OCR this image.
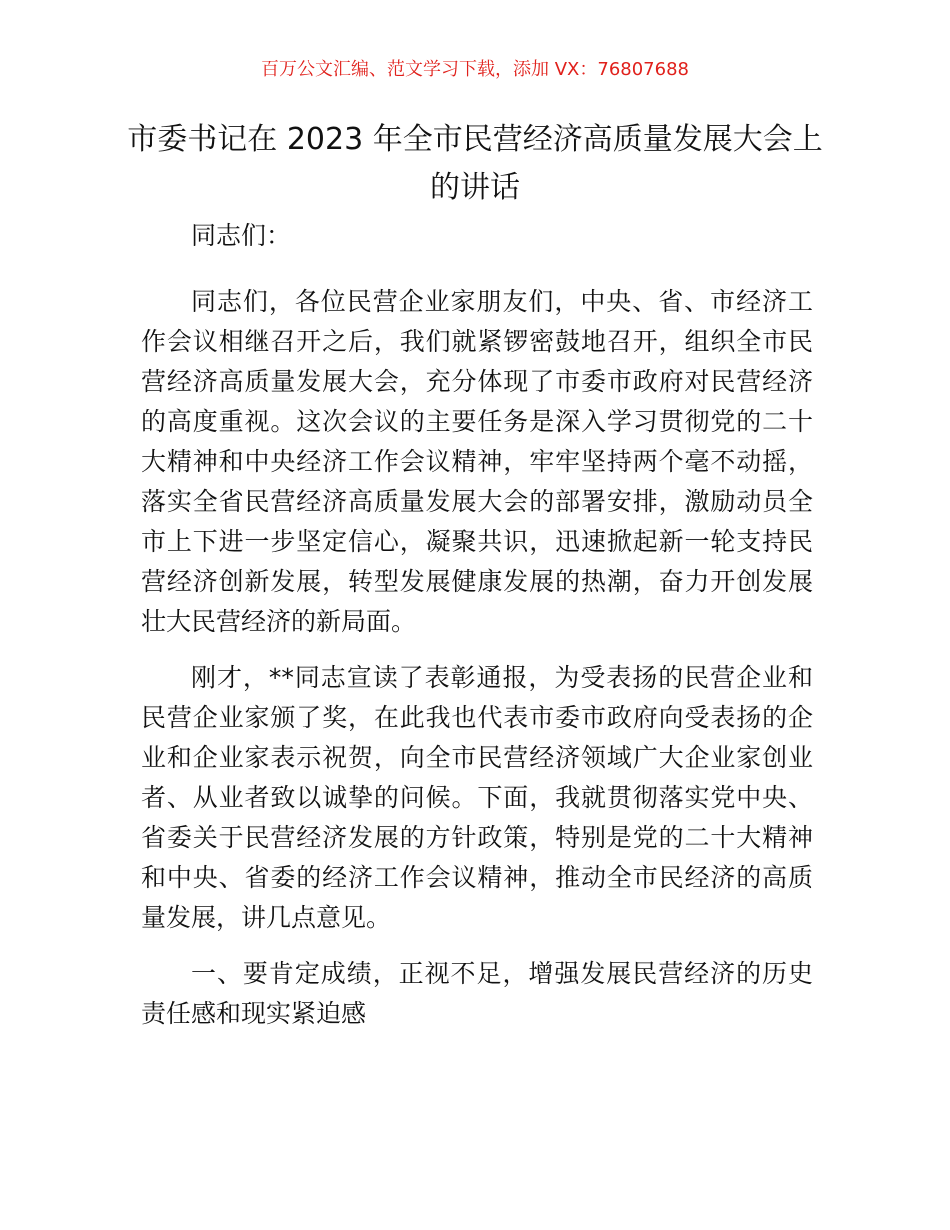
百万公文汇编、范文学习下载，添加 VX：76807688
市委书记在 2023 年全市民营经济高质量发展大会上的讲话

同志们：

同志们，各位民营企业家朋友们，中央、省、市经济工作会议相继召开之后，我们就紧锣密鼓地召开，组织全市民营经济高质量发展大会，充分体现了市委市政府对民营经济的高度重视。这次会议的主要任务是深入学习贯彻党的二十大精神和中央经济工作会议精神，牢牢坚持两个毫不动摇，落实全省民营经济高质量发展大会的部署安排，激励动员全市上下进一步坚定信心，凝聚共识，迅速掀起新一轮支持民营经济创新发展，转型发展健康发展的热潮，奋力开创发展壮大民营经济的新局面。

刚才，**同志宣读了表彰通报，为受表扬的民营企业和民营企业家颁了奖，在此我也代表市委市政府向受表扬的企业和企业家表示祝贺，向全市民营经济领域广大企业家创业者、从业者致以诚挚的问候。下面，我就贯彻落实党中央、省委关于民营经济发展的方针政策，特别是党的二十大精神和中央、省委的经济工作会议精神，推动全市民经济的高质量发展，讲几点意见。

一、要肯定成绩，正视不足，增强发展民营经济的历史责任感和现实紧迫感
